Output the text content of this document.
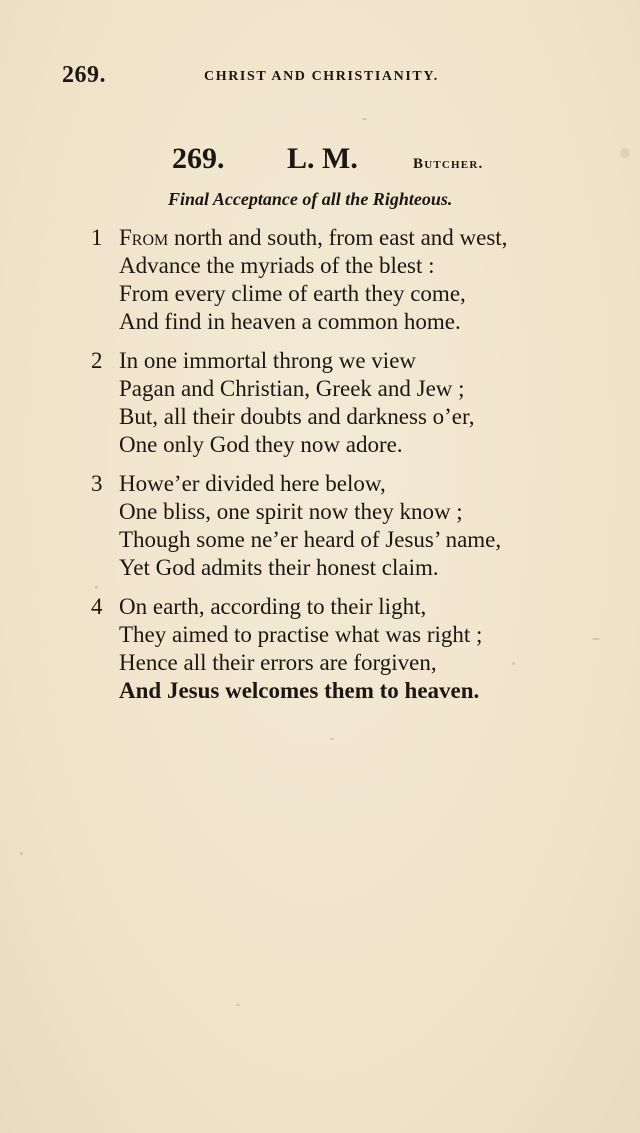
269.	CHRIST AND CHRISTIANITY.
269. L. M.	Butcher.
Final Acceptance of all the Righteous.
1 From north and south, from east and west,
Advance the myriads of the blest :
From every clime of earth they come,
And find in heaven a common home.
2 In one immortal throng we view
Pagan and Christian, Greek and Jew ;
But, all their doubts and darkness o’er,
One only God they now adore.
3 Howe’er divided here below,
One bliss, one spirit now they know ;
Though some ne’er heard of Jesus’ name,
Yet God admits their honest claim.
4 On earth, according to their light,
They aimed to practise what was right ;
Hence all their errors are forgiven,
And Jesus welcomes them to heaven.
